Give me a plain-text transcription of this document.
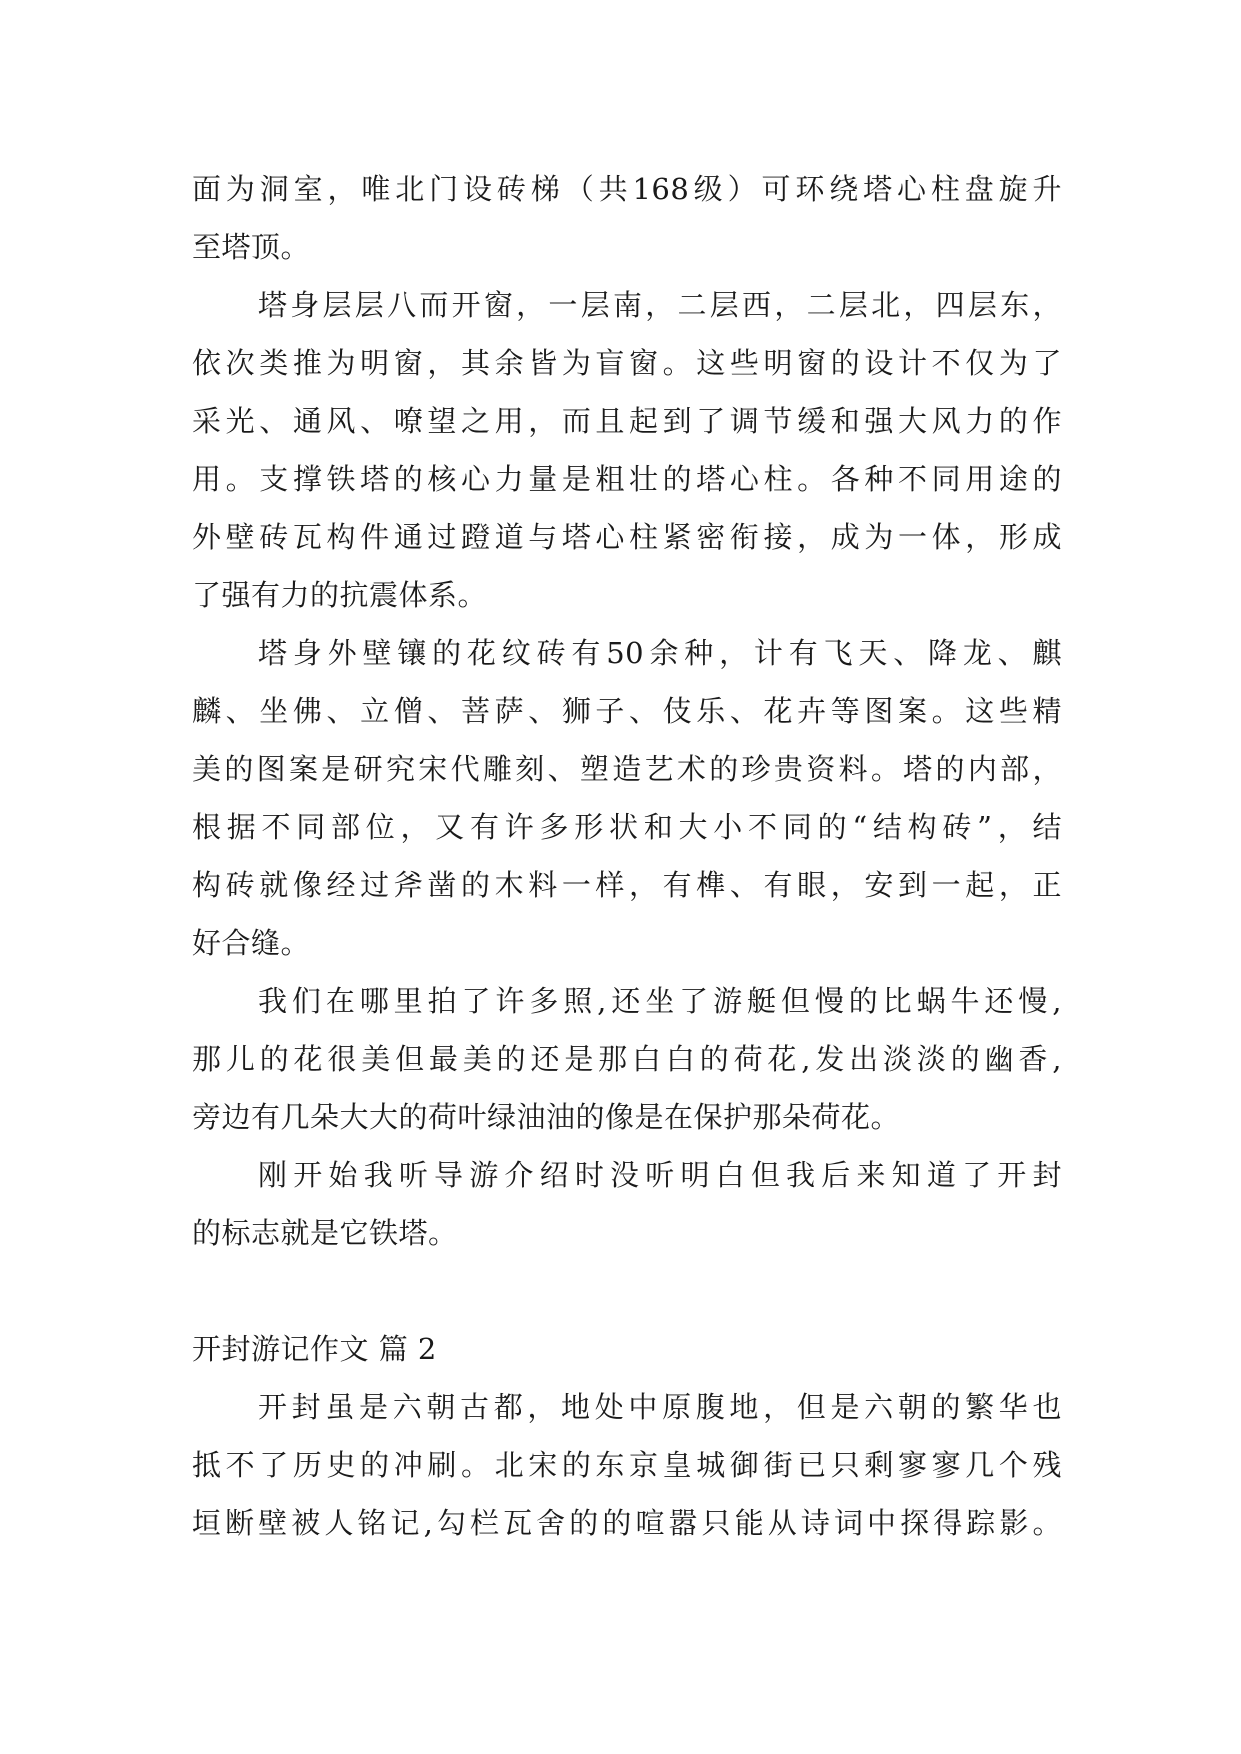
面为洞室，唯北门设砖梯（共168级）可环绕塔心柱盘旋升
至塔顶。
塔身层层八而开窗，一层南，二层西，二层北，四层东，
依次类推为明窗，其余皆为盲窗。这些明窗的设计不仅为了
采光、通风、嘹望之用，而且起到了调节缓和强大风力的作
用。支撑铁塔的核心力量是粗壮的塔心柱。各种不同用途的
外壁砖瓦构件通过蹬道与塔心柱紧密衔接，成为一体，形成
了强有力的抗震体系。
塔身外壁镶的花纹砖有50余种，计有飞天、降龙、麒
麟、坐佛、立僧、菩萨、狮子、伎乐、花卉等图案。这些精
美的图案是研究宋代雕刻、塑造艺术的珍贵资料。塔的内部，
根据不同部位，又有许多形状和大小不同的“结构砖”，结
构砖就像经过斧凿的木料一样，有榫、有眼，安到一起，正
好合缝。
我们在哪里拍了许多照,还坐了游艇但慢的比蜗牛还慢,
那儿的花很美但最美的还是那白白的荷花,发出淡淡的幽香,
旁边有几朵大大的荷叶绿油油的像是在保护那朵荷花。
刚开始我听导游介绍时没听明白但我后来知道了开封
的标志就是它铁塔。
开封游记作文 篇 2
开封虽是六朝古都，地处中原腹地，但是六朝的繁华也
抵不了历史的冲刷。北宋的东京皇城御街已只剩寥寥几个残
垣断壁被人铭记,勾栏瓦舍的的喧嚣只能从诗词中探得踪影。
